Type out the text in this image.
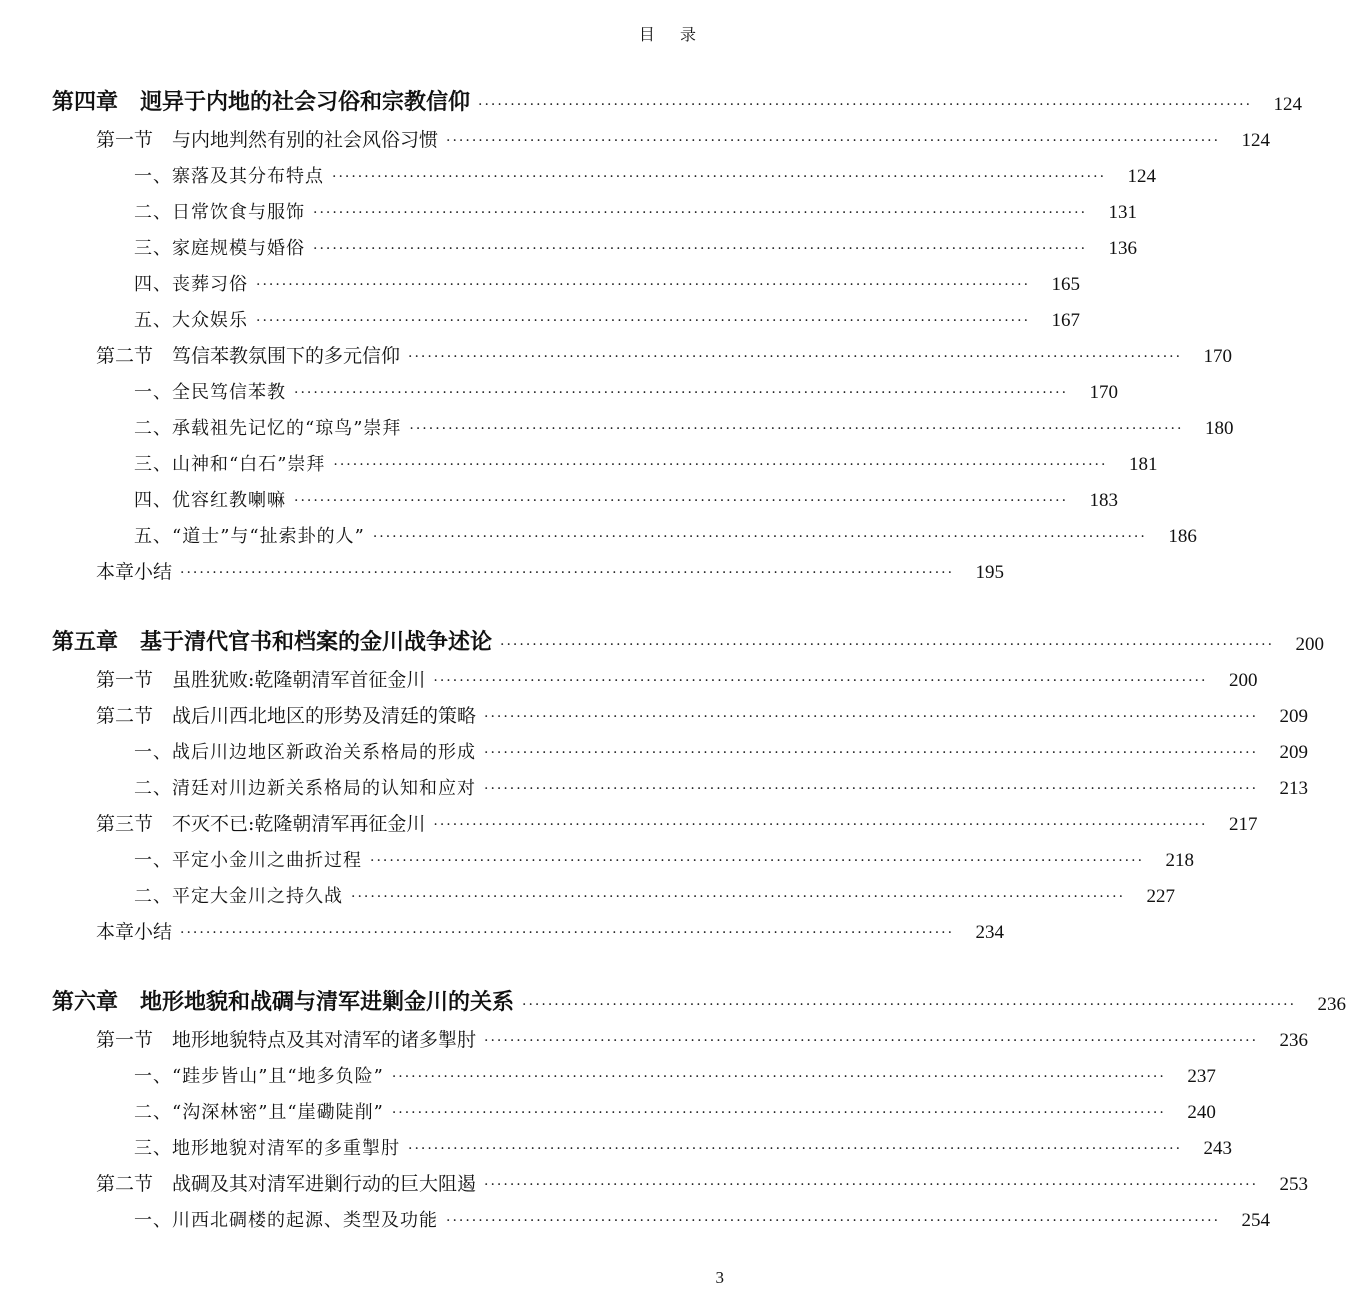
目 录
第四章　迥异于内地的社会习俗和宗教信仰 ························································································································	124
第一节　与内地判然有别的社会风俗习惯 ························································································································	124
一、寨落及其分布特点 ························································································································	124
二、日常饮食与服饰 ························································································································	131
三、家庭规模与婚俗 ························································································································	136
四、丧葬习俗 ························································································································	165
五、大众娱乐 ························································································································	167
第二节　笃信苯教氛围下的多元信仰 ························································································································	170
一、全民笃信苯教 ························································································································	170
二、承载祖先记忆的“琼鸟”崇拜 ························································································································	180
三、山神和“白石”崇拜 ························································································································	181
四、优容红教喇嘛 ························································································································	183
五、“道士”与“扯索卦的人” ························································································································	186
本章小结 ························································································································	195
第五章　基于清代官书和档案的金川战争述论 ························································································································	200
第一节　虽胜犹败:乾隆朝清军首征金川 ························································································································	200
第二节　战后川西北地区的形势及清廷的策略 ························································································································	209
一、战后川边地区新政治关系格局的形成 ························································································································	209
二、清廷对川边新关系格局的认知和应对 ························································································································	213
第三节　不灭不已:乾隆朝清军再征金川 ························································································································	217
一、平定小金川之曲折过程 ························································································································	218
二、平定大金川之持久战 ························································································································	227
本章小结 ························································································································	234
第六章　地形地貌和战碉与清军进剿金川的关系 ························································································································	236
第一节　地形地貌特点及其对清军的诸多掣肘 ························································································································	236
一、“跬步皆山”且“地多负险” ························································································································	237
二、“沟深林密”且“崖磡陡削” ························································································································	240
三、地形地貌对清军的多重掣肘 ························································································································	243
第二节　战碉及其对清军进剿行动的巨大阻遏 ························································································································	253
一、川西北碉楼的起源、类型及功能 ························································································································	254
3
